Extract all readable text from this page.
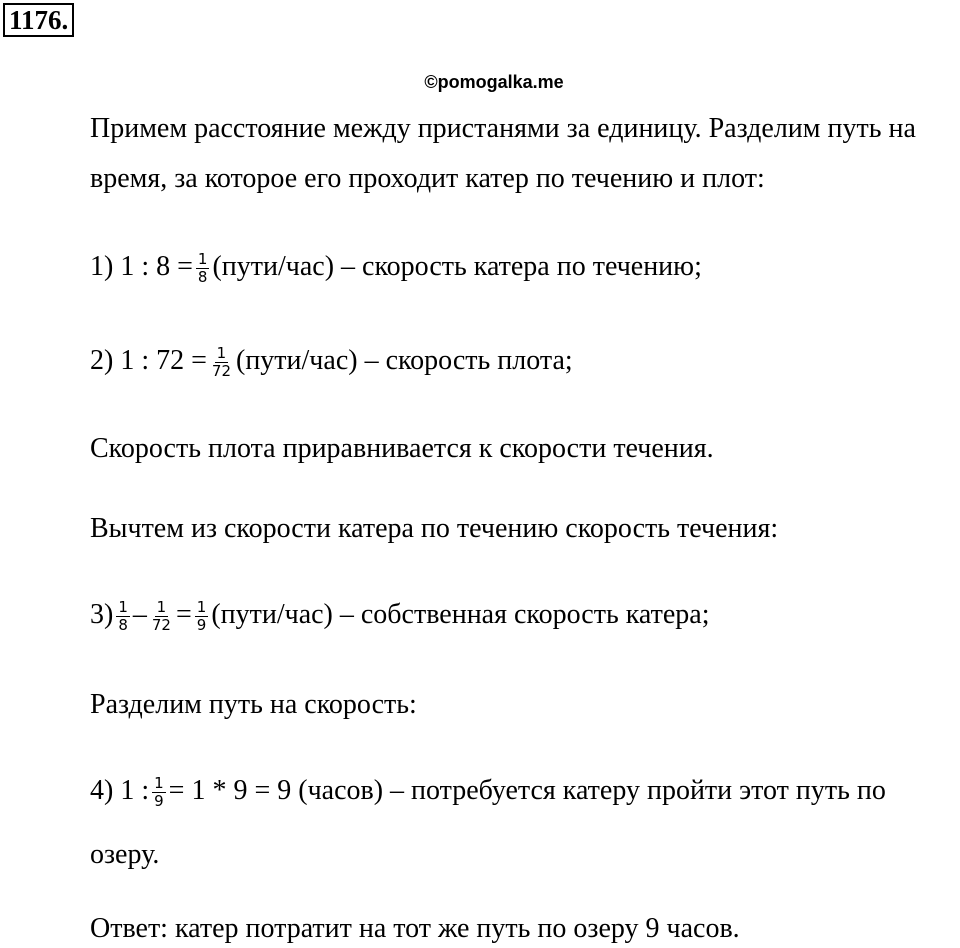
1176.
©pomogalka.me
Примем расстояние между пристанями за единицу. Разделим путь на
время, за которое его проходит катер по течению и плот:
1) 1 : $8 = \frac{1}{8}$ (пути/час) – скорость катера по течению;
2) 1 : $72 = \frac{1}{72}$ (пути/час) – скорость плота;
Скорость плота приравнивается к скорости течения.
Вычтем из скорости катера по течению скорость течения:
$3) \frac{1}{8} - \frac{1}{72} = \frac{1}{9}$ (пути/час) – собственная скорость катера;
Разделим путь на скорость:
4) 1 : $\frac{1}{9} = 1 * 9 = 9$ (часов) – потребуется катеру пройти этот путь по
озеру.
Ответ: катер потратит на тот же путь по озеру 9 часов.
